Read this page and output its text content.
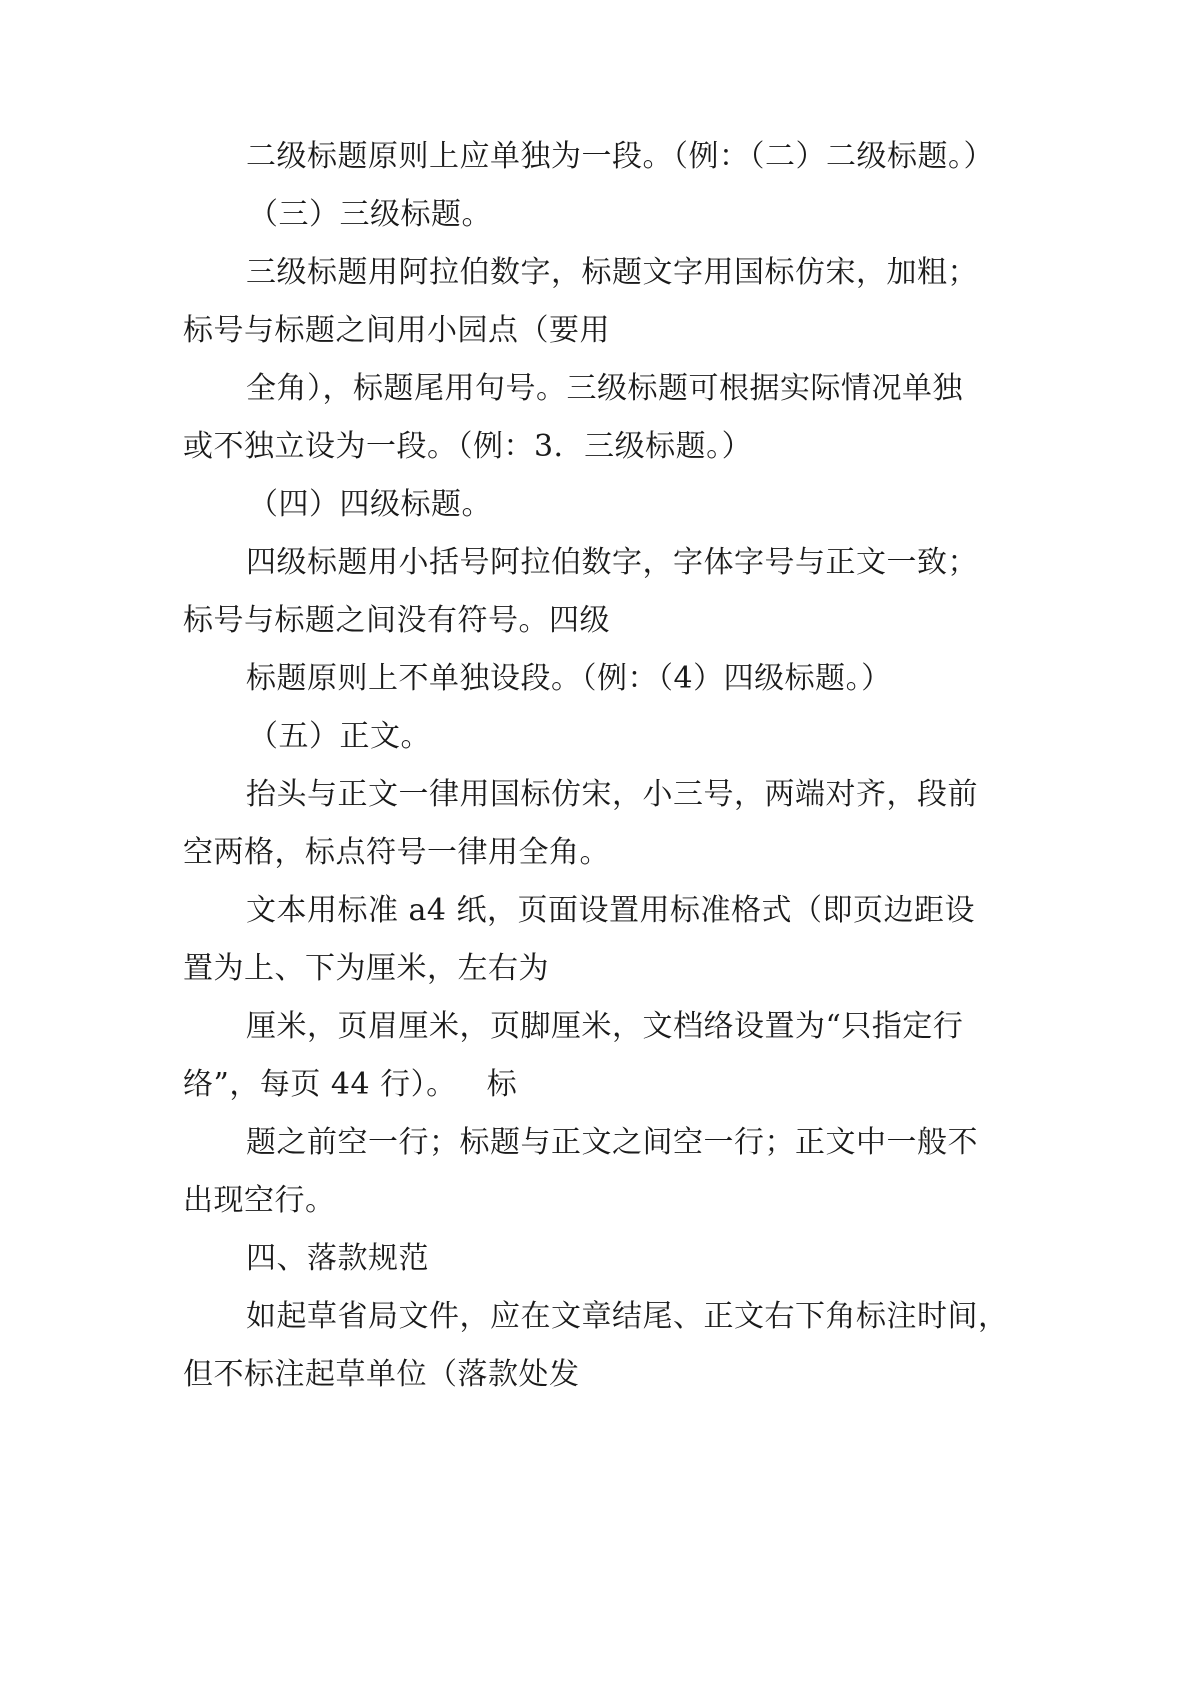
二级标题原则上应单独为一段。（例：（二）二级标题。）
（三）三级标题。
三级标题用阿拉伯数字，标题文字用国标仿宋，加粗；
标号与标题之间用小园点（要用
全角），标题尾用句号。三级标题可根据实际情况单独
或不独立设为一段。（例：3．三级标题。）
（四）四级标题。
四级标题用小括号阿拉伯数字，字体字号与正文一致；
标号与标题之间没有符号。四级
标题原则上不单独设段。（例：（4）四级标题。）
（五）正文。
抬头与正文一律用国标仿宋，小三号，两端对齐，段前
空两格，标点符号一律用全角。
文本用标准 a4 纸，页面设置用标准格式（即页边距设
置为上、下为厘米，左右为
厘米，页眉厘米，页脚厘米，文档络设置为“只指定行
络”，每页 44 行）。   标
题之前空一行；标题与正文之间空一行；正文中一般不
出现空行。
四、落款规范
如起草省局文件，应在文章结尾、正文右下角标注时间，
但不标注起草单位（落款处发
